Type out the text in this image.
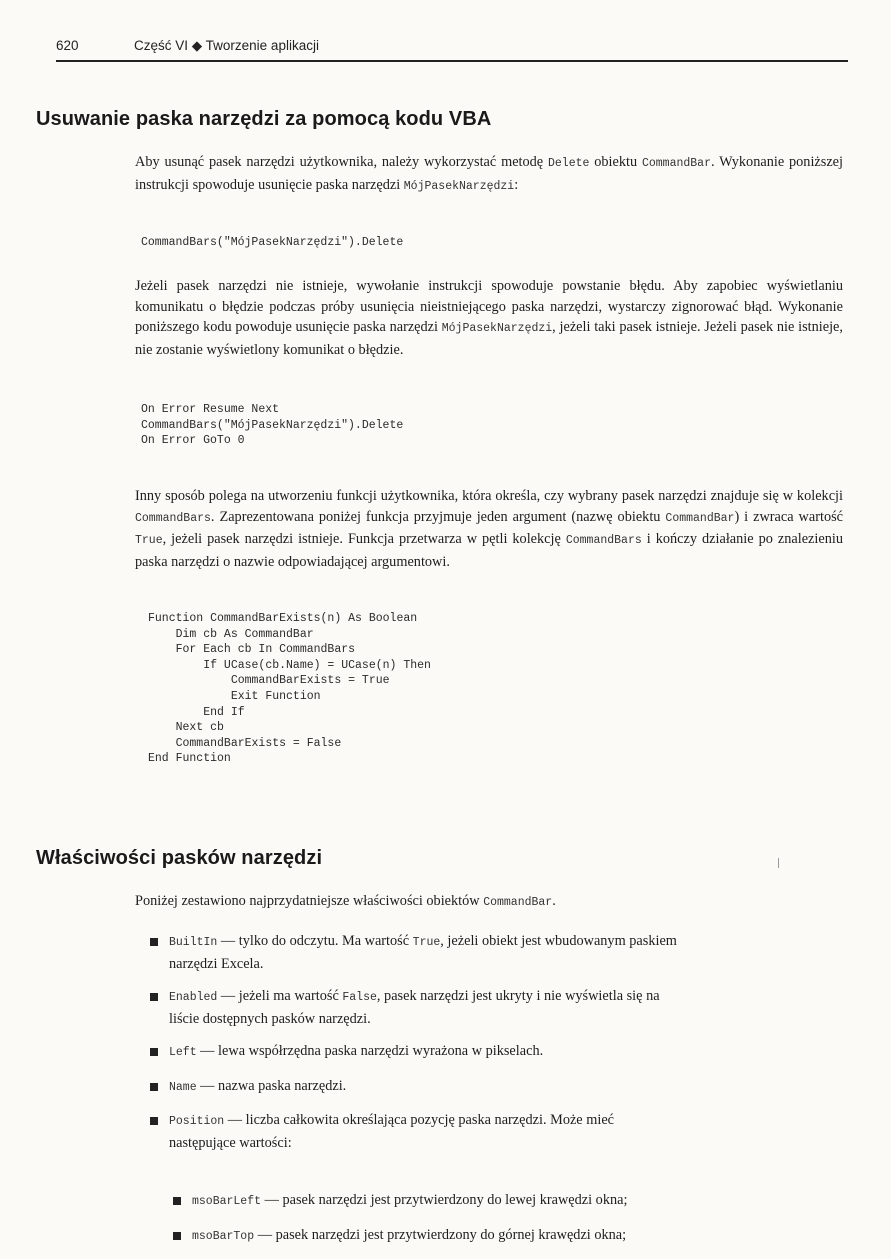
620	Część VI ◆ Tworzenie aplikacji
Usuwanie paska narzędzi za pomocą kodu VBA

Aby usunąć pasek narzędzi użytkownika, należy wykorzystać metodę Delete obiektu CommandBar. Wykonanie poniższej instrukcji spowoduje usunięcie paska narzędzi MójPasekNarzędzi:

CommandBars("MójPasekNarzędzi").Delete

Jeżeli pasek narzędzi nie istnieje, wywołanie instrukcji spowoduje powstanie błędu. Aby zapobiec wyświetlaniu komunikatu o błędzie podczas próby usunięcia nieistniejącego paska narzędzi, wystarczy zignorować błąd. Wykonanie poniższego kodu powoduje usunięcie paska narzędzi MójPasekNarzędzi, jeżeli taki pasek istnieje. Jeżeli pasek nie istnieje, nie zostanie wyświetlony komunikat o błędzie.

On Error Resume Next
CommandBars("MójPasekNarzędzi").Delete
On Error GoTo 0

Inny sposób polega na utworzeniu funkcji użytkownika, która określa, czy wybrany pasek narzędzi znajduje się w kolekcji CommandBars. Zaprezentowana poniżej funkcja przyjmuje jeden argument (nazwę obiektu CommandBar) i zwraca wartość True, jeżeli pasek narzędzi istnieje. Funkcja przetwarza w pętli kolekcję CommandBars i kończy działanie po znalezieniu paska narzędzi o nazwie odpowiadającej argumentowi.

Function CommandBarExists(n) As Boolean
Dim cb As CommandBar
For Each cb In CommandBars
If UCase(cb.Name) = UCase(n) Then
CommandBarExists = True
Exit Function
End If
Next cb
CommandBarExists = False
End Function
Właściwości pasków narzędzi

Poniżej zestawiono najprzydatniejsze właściwości obiektów CommandBar.

BuiltIn — tylko do odczytu. Ma wartość True, jeżeli obiekt jest wbudowanym paskiem narzędzi Excela.
Enabled — jeżeli ma wartość False, pasek narzędzi jest ukryty i nie wyświetla się na liście dostępnych pasków narzędzi.
Left — lewa współrzędna paska narzędzi wyrażona w pikselach.
Name — nazwa paska narzędzi.
Position — liczba całkowita określająca pozycję paska narzędzi. Może mieć następujące wartości:
msoBarLeft — pasek narzędzi jest przytwierdzony do lewej krawędzi okna;
msoBarTop — pasek narzędzi jest przytwierdzony do górnej krawędzi okna;
